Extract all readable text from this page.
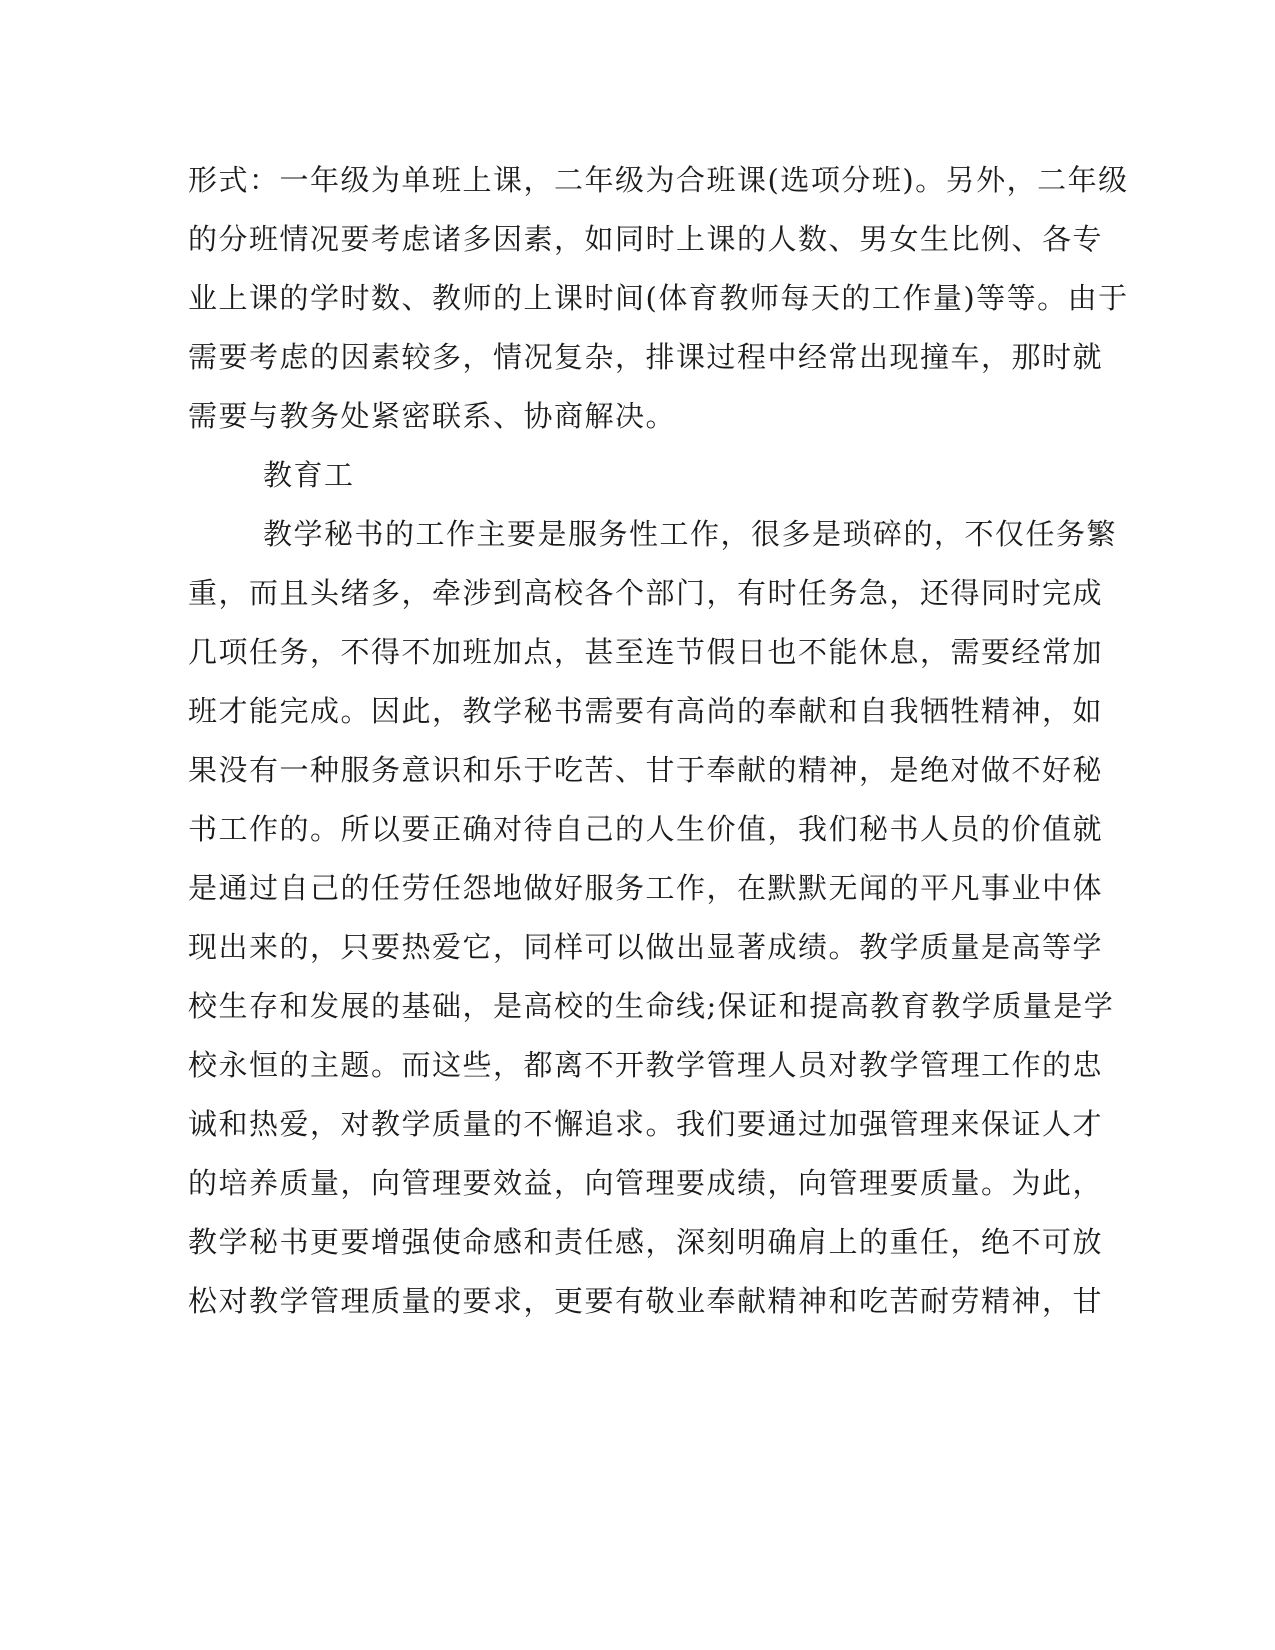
形式：一年级为单班上课，二年级为合班课(选项分班)。另外，二年级
的分班情况要考虑诸多因素，如同时上课的人数、男女生比例、各专
业上课的学时数、教师的上课时间(体育教师每天的工作量)等等。由于
需要考虑的因素较多，情况复杂，排课过程中经常出现撞车，那时就
需要与教务处紧密联系、协商解决。
教育工
教学秘书的工作主要是服务性工作，很多是琐碎的，不仅任务繁
重，而且头绪多，牵涉到高校各个部门，有时任务急，还得同时完成
几项任务，不得不加班加点，甚至连节假日也不能休息，需要经常加
班才能完成。因此，教学秘书需要有高尚的奉献和自我牺牲精神，如
果没有一种服务意识和乐于吃苦、甘于奉献的精神，是绝对做不好秘
书工作的。所以要正确对待自己的人生价值，我们秘书人员的价值就
是通过自己的任劳任怨地做好服务工作，在默默无闻的平凡事业中体
现出来的，只要热爱它，同样可以做出显著成绩。教学质量是高等学
校生存和发展的基础，是高校的生命线;保证和提高教育教学质量是学
校永恒的主题。而这些，都离不开教学管理人员对教学管理工作的忠
诚和热爱，对教学质量的不懈追求。我们要通过加强管理来保证人才
的培养质量，向管理要效益，向管理要成绩，向管理要质量。为此，
教学秘书更要增强使命感和责任感，深刻明确肩上的重任，绝不可放
松对教学管理质量的要求，更要有敬业奉献精神和吃苦耐劳精神，甘
